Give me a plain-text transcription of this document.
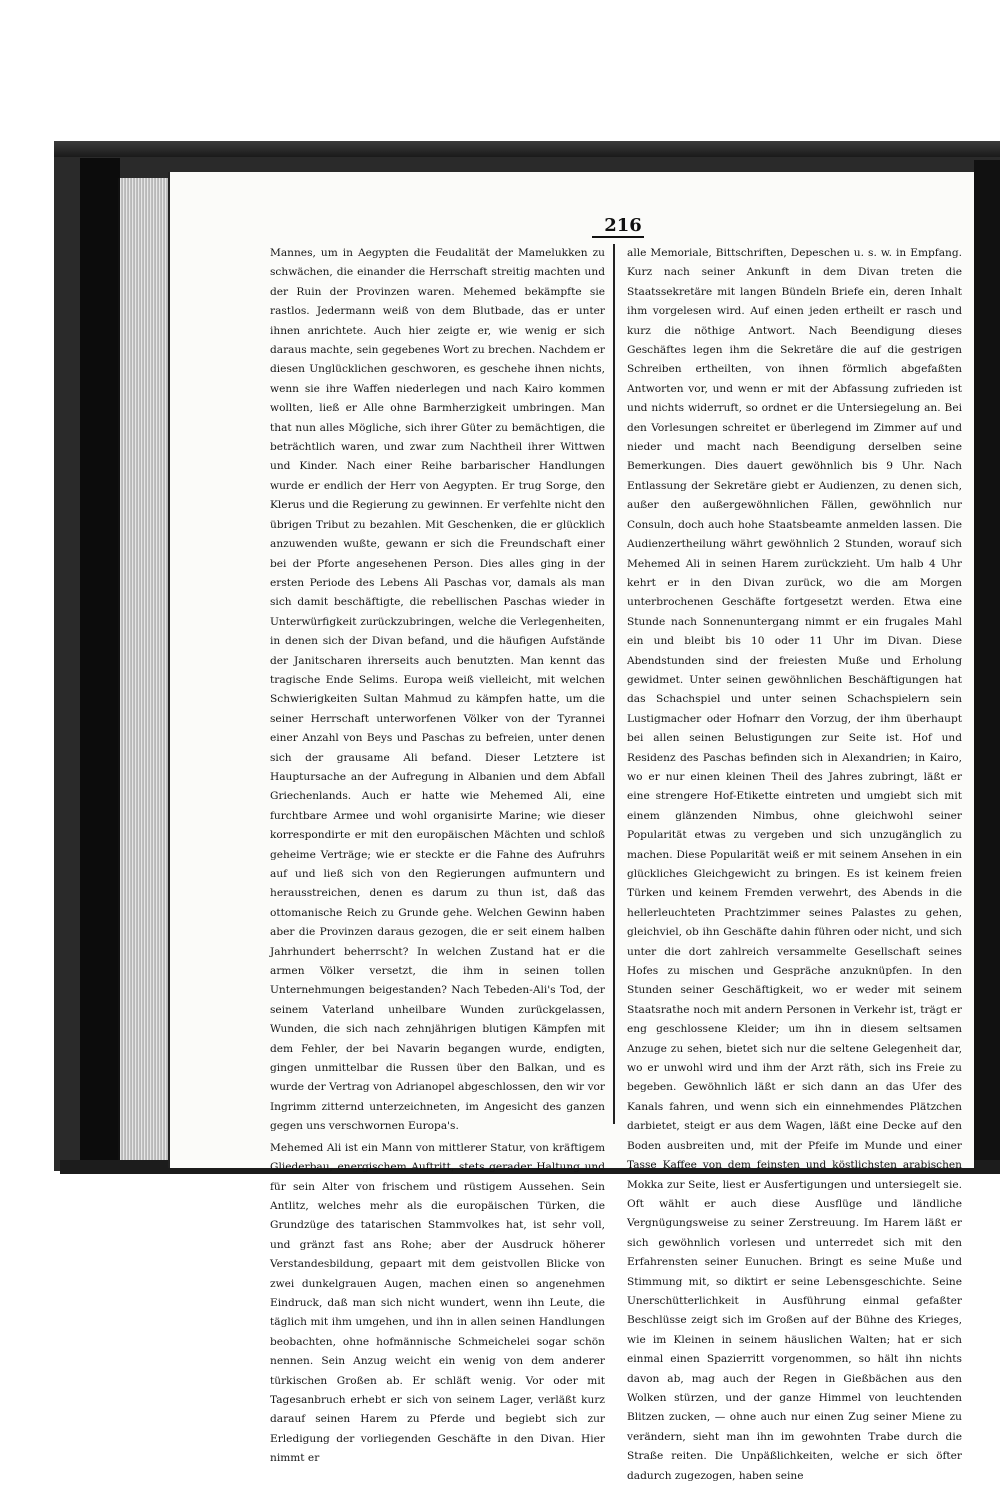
216

Mannes, um in Aegypten die Feudalität der Mamelukken zu schwächen, die einander die Herrschaft streitig machten und der Ruin der Provinzen waren. Mehemed bekämpfte sie rastlos. Jedermann weiß von dem Blutbade, das er unter ihnen anrichtete. Auch hier zeigte er, wie wenig er sich daraus machte, sein gegebenes Wort zu brechen. Nachdem er diesen Unglücklichen geschworen, es geschehe ihnen nichts, wenn sie ihre Waffen niederlegen und nach Kairo kommen wollten, ließ er Alle ohne Barmherzigkeit umbringen. Man that nun alles Mögliche, sich ihrer Güter zu bemächtigen, die beträchtlich waren, und zwar zum Nachtheil ihrer Wittwen und Kinder. Nach einer Reihe barbarischer Handlungen wurde er endlich der Herr von Aegypten. Er trug Sorge, den Klerus und die Regierung zu gewinnen. Er verfehlte nicht den übrigen Tribut zu bezahlen. Mit Geschenken, die er glücklich anzuwenden wußte, gewann er sich die Freundschaft einer bei der Pforte angesehenen Person. Dies alles ging in der ersten Periode des Lebens Ali Paschas vor, damals als man sich damit beschäftigte, die rebellischen Paschas wieder in Unterwürfigkeit zurückzubringen, welche die Verlegenheiten, in denen sich der Divan befand, und die häufigen Aufstände der Janitscharen ihrerseits auch benutzten. Man kennt das tragische Ende Selims. Europa weiß vielleicht, mit welchen Schwierigkeiten Sultan Mahmud zu kämpfen hatte, um die seiner Herrschaft unterworfenen Völker von der Tyrannei einer Anzahl von Beys und Paschas zu befreien, unter denen sich der grausame Ali befand. Dieser Letztere ist Hauptursache an der Aufregung in Albanien und dem Abfall Griechenlands. Auch er hatte wie Mehemed Ali, eine furchtbare Armee und wohl organisirte Marine; wie dieser korrespondirte er mit den europäischen Mächten und schloß geheime Verträge; wie er steckte er die Fahne des Aufruhrs auf und ließ sich von den Regierungen aufmuntern und herausstreichen, denen es darum zu thun ist, daß das ottomanische Reich zu Grunde gehe. Welchen Gewinn haben aber die Provinzen daraus gezogen, die er seit einem halben Jahrhundert beherrscht? In welchen Zustand hat er die armen Völker versetzt, die ihm in seinen tollen Unternehmungen beigestanden? Nach Tebeden-Ali's Tod, der seinem Vaterland unheilbare Wunden zurückgelassen, Wunden, die sich nach zehnjährigen blutigen Kämpfen mit dem Fehler, der bei Navarin begangen wurde, endigten, gingen unmittelbar die Russen über den Balkan, und es wurde der Vertrag von Adrianopel abgeschlossen, den wir vor Ingrimm zitternd unterzeichneten, im Angesicht des ganzen gegen uns verschwornen Europa's.

Mehemed Ali ist ein Mann von mittlerer Statur, von kräftigem Gliederbau, energischem Auftritt, stets gerader Haltung und für sein Alter von frischem und rüstigem Aussehen. Sein Antlitz, welches mehr als die europäischen Türken, die Grundzüge des tatarischen Stammvolkes hat, ist sehr voll, und gränzt fast ans Rohe; aber der Ausdruck höherer Verstandesbildung, gepaart mit dem geistvollen Blicke von zwei dunkelgrauen Augen, machen einen so angenehmen Eindruck, daß man sich nicht wundert, wenn ihn Leute, die täglich mit ihm umgehen, und ihn in allen seinen Handlungen beobachten, ohne hofmännische Schmeichelei sogar schön nennen. Sein Anzug weicht ein wenig von dem anderer türkischen Großen ab. Er schläft wenig. Vor oder mit Tagesanbruch erhebt er sich von seinem Lager, verläßt kurz darauf seinen Harem zu Pferde und begiebt sich zur Erledigung der vorliegenden Geschäfte in den Divan. Hier nimmt er

alle Memoriale, Bittschriften, Depeschen u. s. w. in Empfang. Kurz nach seiner Ankunft in dem Divan treten die Staatssekretäre mit langen Bündeln Briefe ein, deren Inhalt ihm vorgelesen wird. Auf einen jeden ertheilt er rasch und kurz die nöthige Antwort. Nach Beendigung dieses Geschäftes legen ihm die Sekretäre die auf die gestrigen Schreiben ertheilten, von ihnen förmlich abgefaßten Antworten vor, und wenn er mit der Abfassung zufrieden ist und nichts widerruft, so ordnet er die Untersiegelung an. Bei den Vorlesungen schreitet er überlegend im Zimmer auf und nieder und macht nach Beendigung derselben seine Bemerkungen. Dies dauert gewöhnlich bis 9 Uhr. Nach Entlassung der Sekretäre giebt er Audienzen, zu denen sich, außer den außergewöhnlichen Fällen, gewöhnlich nur Consuln, doch auch hohe Staatsbeamte anmelden lassen. Die Audienzertheilung währt gewöhnlich 2 Stunden, worauf sich Mehemed Ali in seinen Harem zurückzieht. Um halb 4 Uhr kehrt er in den Divan zurück, wo die am Morgen unterbrochenen Geschäfte fortgesetzt werden. Etwa eine Stunde nach Sonnenuntergang nimmt er ein frugales Mahl ein und bleibt bis 10 oder 11 Uhr im Divan. Diese Abendstunden sind der freiesten Muße und Erholung gewidmet. Unter seinen gewöhnlichen Beschäftigungen hat das Schachspiel und unter seinen Schachspielern sein Lustigmacher oder Hofnarr den Vorzug, der ihm überhaupt bei allen seinen Belustigungen zur Seite ist. Hof und Residenz des Paschas befinden sich in Alexandrien; in Kairo, wo er nur einen kleinen Theil des Jahres zubringt, läßt er eine strengere Hof-Etikette eintreten und umgiebt sich mit einem glänzenden Nimbus, ohne gleichwohl seiner Popularität etwas zu vergeben und sich unzugänglich zu machen. Diese Popularität weiß er mit seinem Ansehen in ein glückliches Gleichgewicht zu bringen. Es ist keinem freien Türken und keinem Fremden verwehrt, des Abends in die hellerleuchteten Prachtzimmer seines Palastes zu gehen, gleichviel, ob ihn Geschäfte dahin führen oder nicht, und sich unter die dort zahlreich versammelte Gesellschaft seines Hofes zu mischen und Gespräche anzuknüpfen. In den Stunden seiner Geschäftigkeit, wo er weder mit seinem Staatsrathe noch mit andern Personen in Verkehr ist, trägt er eng geschlossene Kleider; um ihn in diesem seltsamen Anzuge zu sehen, bietet sich nur die seltene Gelegenheit dar, wo er unwohl wird und ihm der Arzt räth, sich ins Freie zu begeben. Gewöhnlich läßt er sich dann an das Ufer des Kanals fahren, und wenn sich ein einnehmendes Plätzchen darbietet, steigt er aus dem Wagen, läßt eine Decke auf den Boden ausbreiten und, mit der Pfeife im Munde und einer Tasse Kaffee von dem feinsten und köstlichsten arabischen Mokka zur Seite, liest er Ausfertigungen und untersiegelt sie. Oft wählt er auch diese Ausflüge und ländliche Vergnügungsweise zu seiner Zerstreuung. Im Harem läßt er sich gewöhnlich vorlesen und unterredet sich mit den Erfahrensten seiner Eunuchen. Bringt es seine Muße und Stimmung mit, so diktirt er seine Lebensgeschichte. Seine Unerschütterlichkeit in Ausführung einmal gefaßter Beschlüsse zeigt sich im Großen auf der Bühne des Krieges, wie im Kleinen in seinem häuslichen Walten; hat er sich einmal einen Spazierritt vorgenommen, so hält ihn nichts davon ab, mag auch der Regen in Gießbächen aus den Wolken stürzen, und der ganze Himmel von leuchtenden Blitzen zucken, — ohne auch nur einen Zug seiner Miene zu verändern, sieht man ihn im gewohnten Trabe durch die Straße reiten. Die Unpäßlichkeiten, welche er sich öfter dadurch zugezogen, haben seine
